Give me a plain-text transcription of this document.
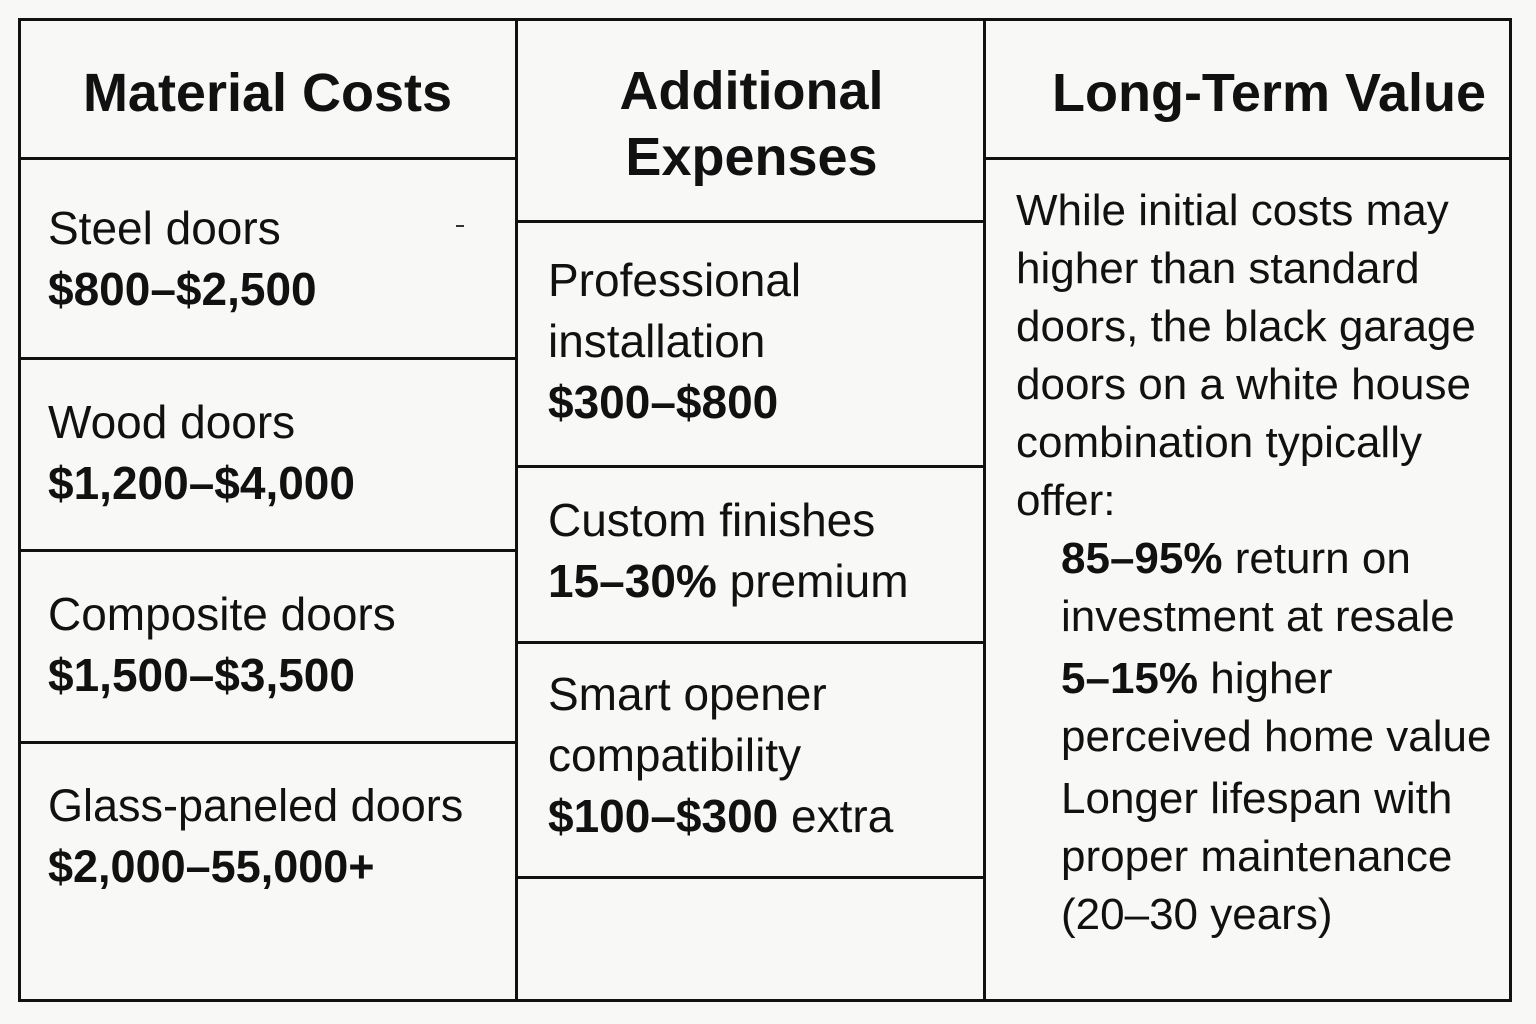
Material Costs	Additional
Expenses
Long-Term Value
Steel doors
$800–$2,500
Wood doors
$1,200–$4,000
Composite doors
$1,500–$3,500
Glass-paneled doors
$2,000–55,000+
Professional
installation
$300–$800
Custom finishes
15–30% premium
Smart opener
compatibility
$100–$300 extra
While initial costs may higher than standard doors, the black garage doors on a white house combination typically offer:
85–95% return on investment at resale
5–15% higher perceived home value
Longer lifespan with proper maintenance (20–30 years)
